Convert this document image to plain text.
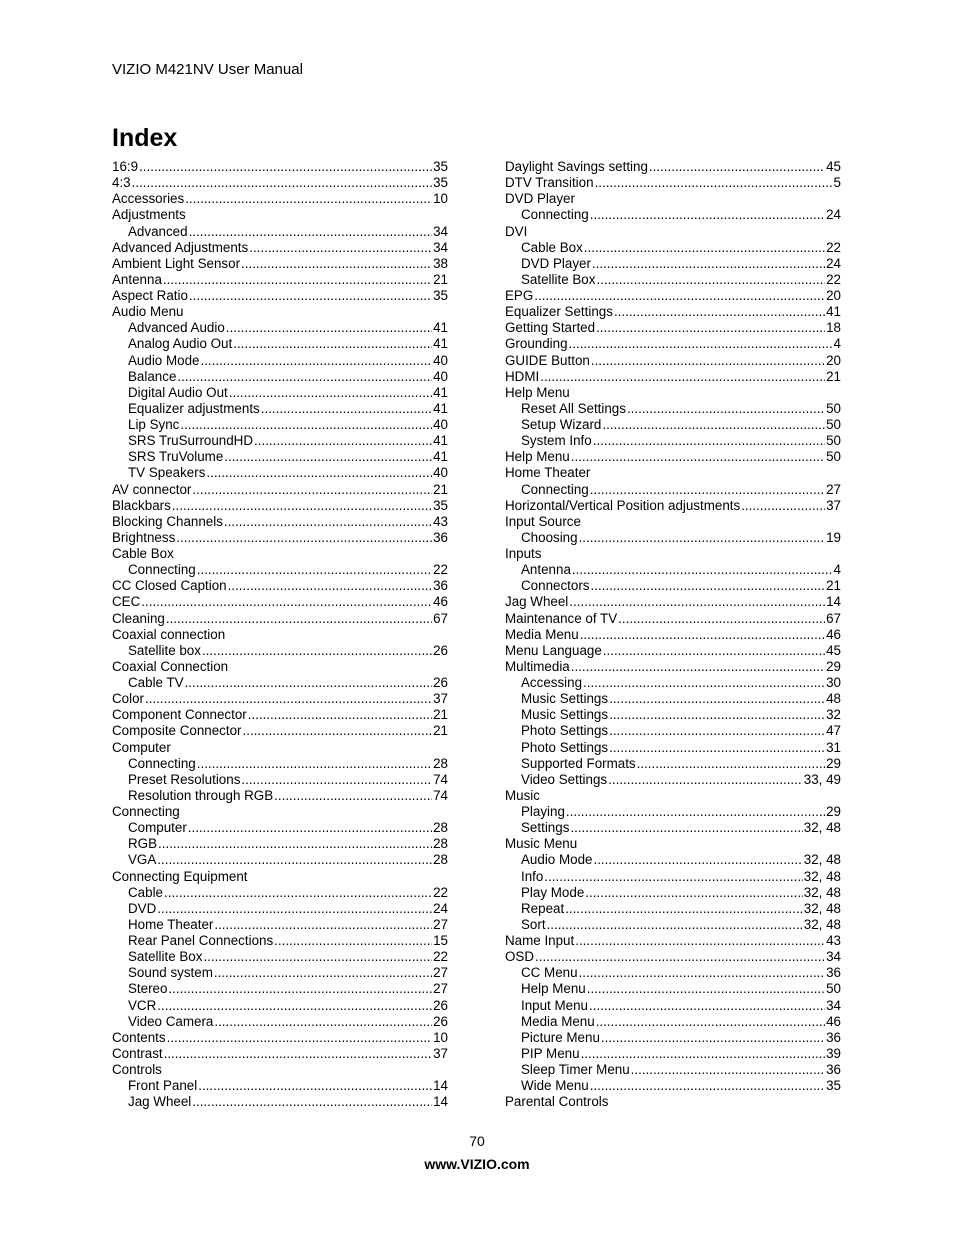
VIZIO M421NV User Manual
Index
16:9 .....	35
4:3 .....	35
Accessories .....	10
Adjustments
Advanced .....	34
Advanced Adjustments .....	34
Ambient Light Sensor .....	38
Antenna .....	21
Aspect Ratio .....	35
Audio Menu
Advanced Audio .....	41
Analog Audio Out .....	41
Audio Mode .....	40
Balance .....	40
Digital Audio Out .....	41
Equalizer adjustments .....	41
Lip Sync .....	40
SRS TruSurroundHD .....	41
SRS TruVolume .....	41
TV Speakers .....	40
AV connector .....	21
Blackbars .....	35
Blocking Channels .....	43
Brightness .....	36
Cable Box
Connecting .....	22
CC Closed Caption .....	36
CEC .....	46
Cleaning .....	67
Coaxial connection
Satellite box .....	26
Coaxial Connection
Cable TV .....	26
Color .....	37
Component Connector .....	21
Composite Connector .....	21
Computer
Connecting .....	28
Preset Resolutions .....	74
Resolution through RGB .....	74
Connecting
Computer .....	28
RGB .....	28
VGA .....	28
Connecting Equipment
Cable .....	22
DVD .....	24
Home Theater .....	27
Rear Panel Connections .....	15
Satellite Box .....	22
Sound system .....	27
Stereo .....	27
VCR .....	26
Video Camera .....	26
Contents .....	10
Contrast .....	37
Controls
Front Panel .....	14
Jag Wheel .....	14
Daylight Savings setting .....	45
DTV Transition .....	5
DVD Player
Connecting .....	24
DVI
Cable Box .....	22
DVD Player .....	24
Satellite Box .....	22
EPG .....	20
Equalizer Settings .....	41
Getting Started .....	18
Grounding .....	4
GUIDE Button .....	20
HDMI .....	21
Help Menu
Reset All Settings .....	50
Setup Wizard .....	50
System Info .....	50
Help Menu .....	50
Home Theater
Connecting .....	27
Horizontal/Vertical Position adjustments .....	37
Input Source
Choosing .....	19
Inputs
Antenna .....	4
Connectors .....	21
Jag Wheel .....	14
Maintenance of TV .....	67
Media Menu .....	46
Menu Language .....	45
Multimedia .....	29
Accessing .....	30
Music Settings .....	48
Music Settings .....	32
Photo Settings .....	47
Photo Settings .....	31
Supported Formats .....	29
Video Settings .....	33, 49
Music
Playing .....	29
Settings .....	32, 48
Music Menu
Audio Mode .....	32, 48
Info .....	32, 48
Play Mode .....	32, 48
Repeat .....	32, 48
Sort .....	32, 48
Name Input .....	43
OSD .....	34
CC Menu .....	36
Help Menu .....	50
Input Menu .....	34
Media Menu .....	46
Picture Menu .....	36
PIP Menu .....	39
Sleep Timer Menu .....	36
Wide Menu .....	35
Parental Controls
70
www.VIZIO.com
